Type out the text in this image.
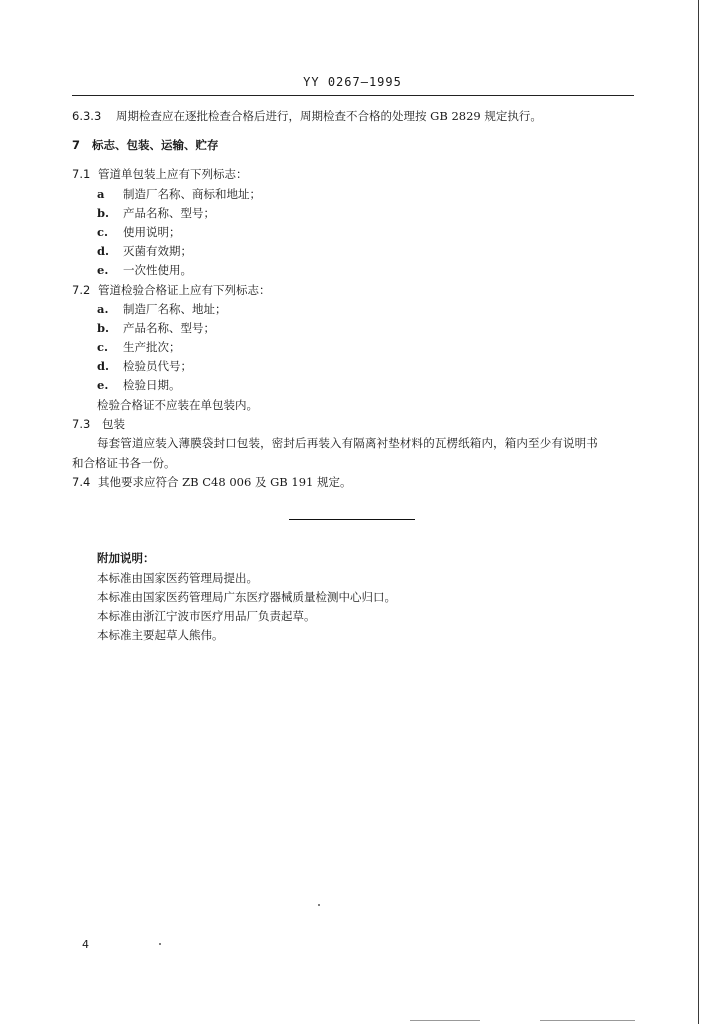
YY 0267—1995
6.3.3 周期检查应在逐批检查合格后进行，周期检查不合格的处理按 GB 2829 规定执行。
7 标志、包装、运输、贮存
7.1 管道单包装上应有下列标志：
a 制造厂名称、商标和地址；
b. 产品名称、型号；
c. 使用说明；
d. 灭菌有效期；
e. 一次性使用。
7.2 管道检验合格证上应有下列标志：
a. 制造厂名称、地址；
b. 产品名称、型号；
c. 生产批次；
d. 检验员代号；
e. 检验日期。
检验合格证不应装在单包装内。
7.3 包装
每套管道应装入薄膜袋封口包装，密封后再装入有隔离衬垫材料的瓦楞纸箱内，箱内至少有说明书
和合格证书各一份。
7.4 其他要求应符合 ZB C48 006 及 GB 191 规定。
附加说明：
本标准由国家医药管理局提出。
本标准由国家医药管理局广东医疗器械质量检测中心归口。
本标准由浙江宁波市医疗用品厂负责起草。
本标准主要起草人熊伟。
4
